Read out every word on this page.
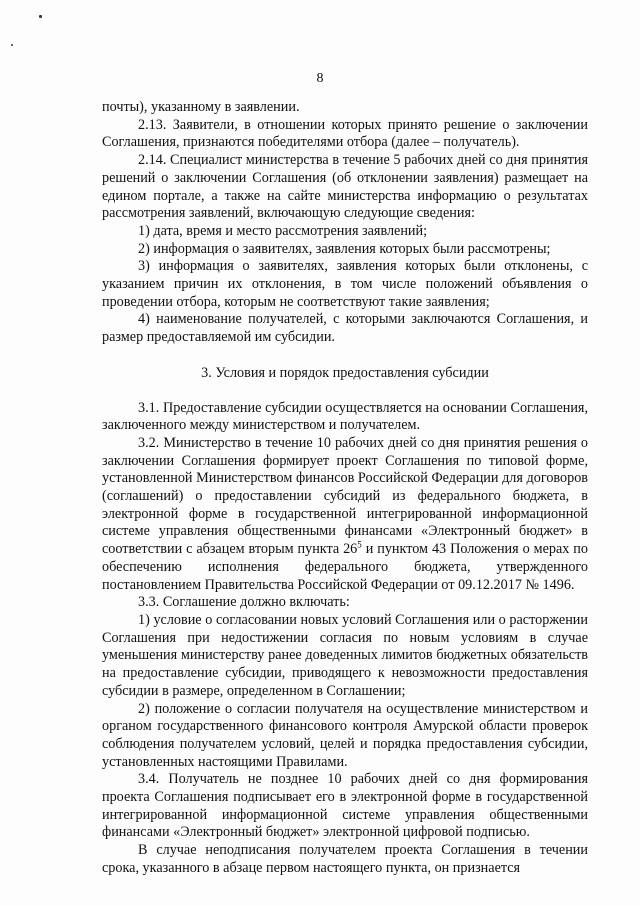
8

почты), указанному в заявлении.

2.13. Заявители, в отношении которых принято решение о заключении Соглашения, признаются победителями отбора (далее – получатель).

2.14. Специалист министерства в течение 5 рабочих дней со дня принятия решений о заключении Соглашения (об отклонении заявления) размещает на едином портале, а также на сайте министерства информацию о результатах рассмотрения заявлений, включающую следующие сведения:

1) дата, время и место рассмотрения заявлений;

2) информация о заявителях, заявления которых были рассмотрены;

3) информация о заявителях, заявления которых были отклонены, с указанием причин их отклонения, в том числе положений объявления о проведении отбора, которым не соответствуют такие заявления;

4) наименование получателей, с которыми заключаются Соглашения, и размер предоставляемой им субсидии.

3. Условия и порядок предоставления субсидии

3.1. Предоставление субсидии осуществляется на основании Соглашения, заключенного между министерством и получателем.

3.2. Министерство в течение 10 рабочих дней со дня принятия решения о заключении Соглашения формирует проект Соглашения по типовой форме, установленной Министерством финансов Российской Федерации для договоров (соглашений) о предоставлении субсидий из федерального бюджета, в электронной форме в государственной интегрированной информационной системе управления общественными финансами «Электронный бюджет» в соответствии с абзацем вторым пункта $26^5$ и пунктом 43 Положения о мерах по обеспечению исполнения федерального бюджета, утвержденного постановлением Правительства Российской Федерации от 09.12.2017 № 1496.

3.3. Соглашение должно включать:

1) условие о согласовании новых условий Соглашения или о расторжении Соглашения при недостижении согласия по новым условиям в случае уменьшения министерству ранее доведенных лимитов бюджетных обязательств на предоставление субсидии, приводящего к невозможности предоставления субсидии в размере, определенном в Соглашении;

2) положение о согласии получателя на осуществление министерством и органом государственного финансового контроля Амурской области проверок соблюдения получателем условий, целей и порядка предоставления субсидии, установленных настоящими Правилами.

3.4. Получатель не позднее 10 рабочих дней со дня формирования проекта Соглашения подписывает его в электронной форме в государственной интегрированной информационной системе управления общественными финансами «Электронный бюджет» электронной цифровой подписью.

В случае неподписания получателем проекта Соглашения в течении срока, указанного в абзаце первом настоящего пункта, он признается
